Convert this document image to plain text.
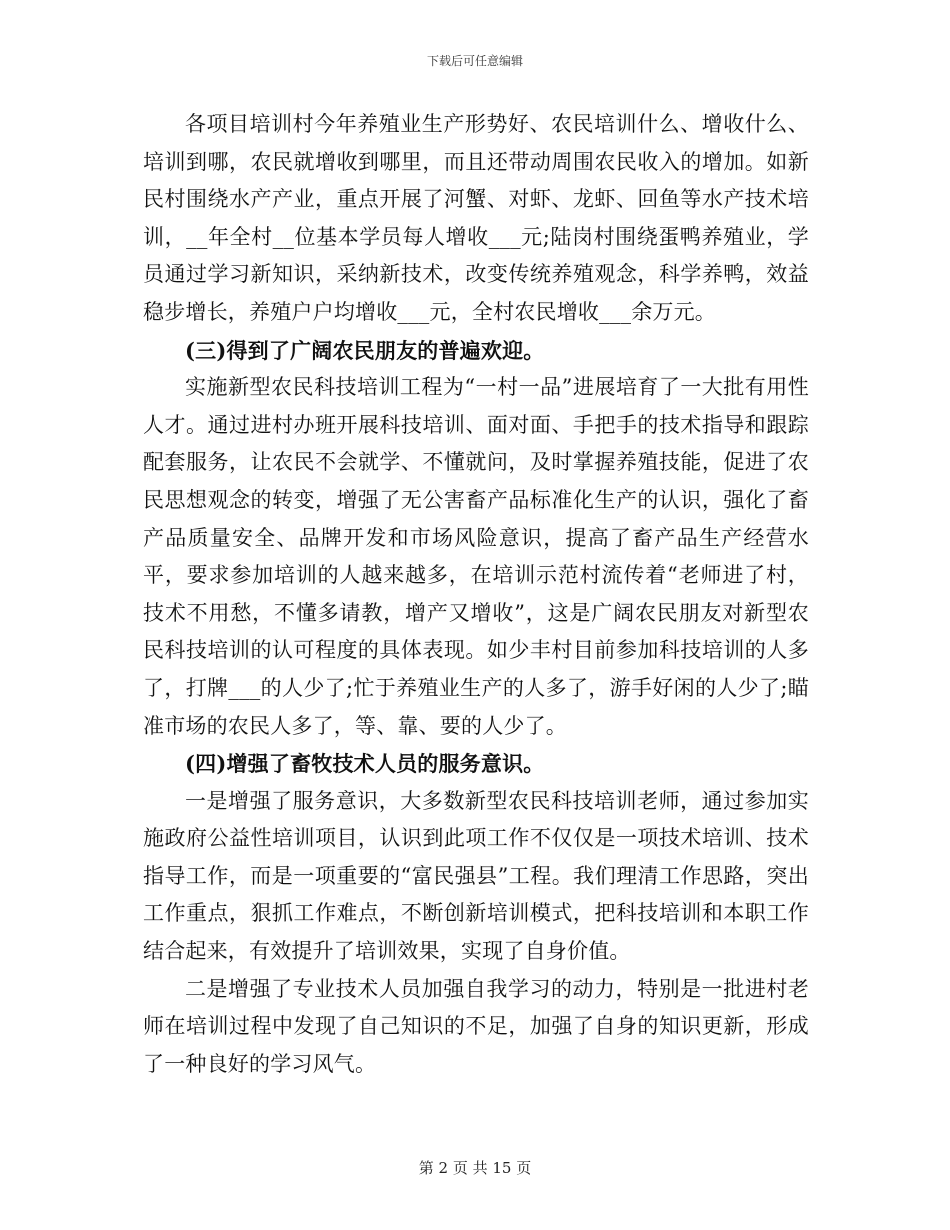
下载后可任意编辑

各项目培训村今年养殖业生产形势好、农民培训什么、增收什么、培训到哪，农民就增收到哪里，而且还带动周围农民收入的增加。如新民村围绕水产产业，重点开展了河蟹、对虾、龙虾、回鱼等水产技术培训，__年全村__位基本学员每人增收___元;陆岗村围绕蛋鸭养殖业，学员通过学习新知识，采纳新技术，改变传统养殖观念，科学养鸭，效益稳步增长，养殖户户均增收___元，全村农民增收___余万元。

(三)得到了广阔农民朋友的普遍欢迎。

实施新型农民科技培训工程为“一村一品”进展培育了一大批有用性人才。通过进村办班开展科技培训、面对面、手把手的技术指导和跟踪配套服务，让农民不会就学、不懂就问，及时掌握养殖技能，促进了农民思想观念的转变，增强了无公害畜产品标准化生产的认识，强化了畜产品质量安全、品牌开发和市场风险意识，提高了畜产品生产经营水平，要求参加培训的人越来越多，在培训示范村流传着“老师进了村，技术不用愁，不懂多请教，增产又增收”，这是广阔农民朋友对新型农民科技培训的认可程度的具体表现。如少丰村目前参加科技培训的人多了，打牌___的人少了;忙于养殖业生产的人多了，游手好闲的人少了;瞄准市场的农民人多了，等、靠、要的人少了。

(四)增强了畜牧技术人员的服务意识。

一是增强了服务意识，大多数新型农民科技培训老师，通过参加实施政府公益性培训项目，认识到此项工作不仅仅是一项技术培训、技术指导工作，而是一项重要的“富民强县”工程。我们理清工作思路，突出工作重点，狠抓工作难点，不断创新培训模式，把科技培训和本职工作结合起来，有效提升了培训效果，实现了自身价值。

二是增强了专业技术人员加强自我学习的动力，特别是一批进村老师在培训过程中发现了自己知识的不足，加强了自身的知识更新，形成了一种良好的学习风气。

第 2 页 共 15 页
